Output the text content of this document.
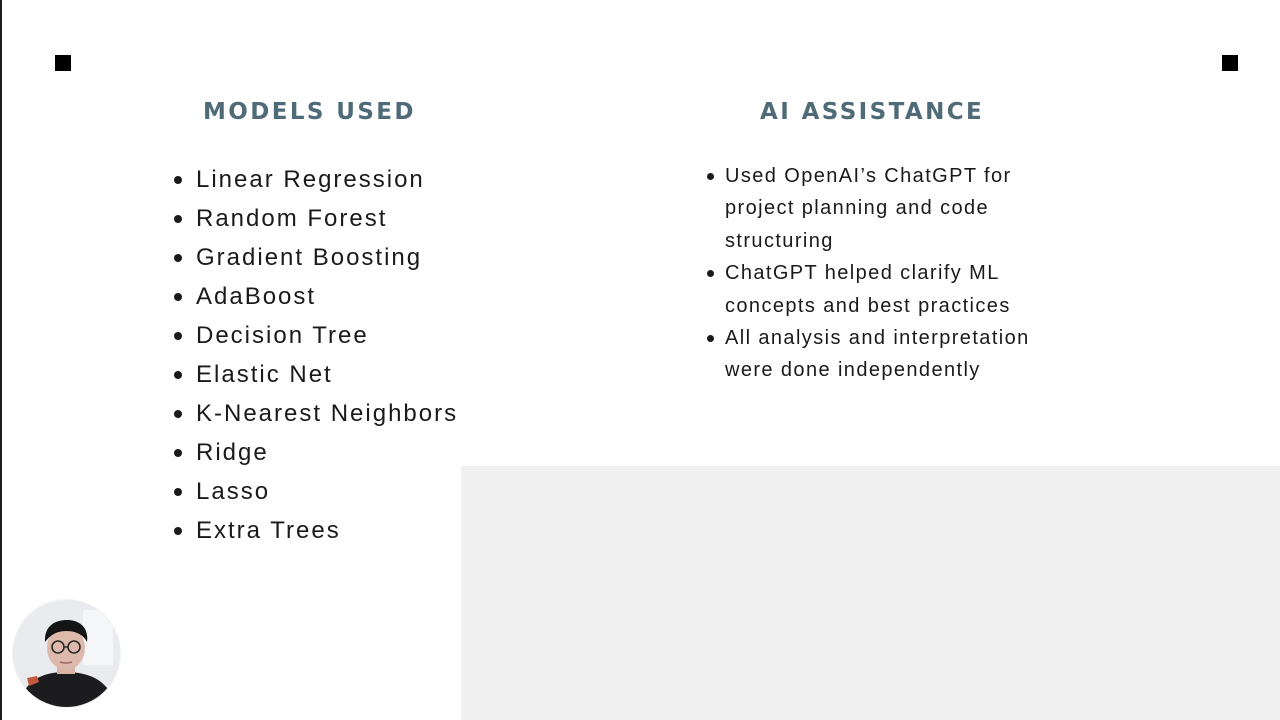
MODELS USED
Linear Regression
Random Forest
Gradient Boosting
AdaBoost
Decision Tree
Elastic Net
K-Nearest Neighbors
Ridge
Lasso
Extra Trees
AI ASSISTANCE
Used OpenAI’s ChatGPT for project planning and code structuring
ChatGPT helped clarify ML concepts and best practices
All analysis and interpretation were done independently
